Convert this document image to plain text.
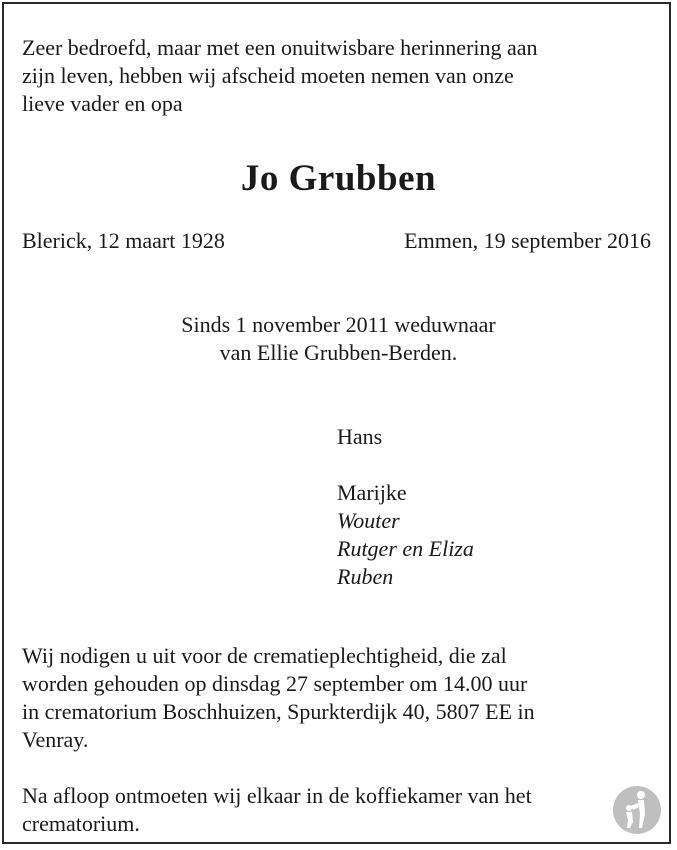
Zeer bedroefd, maar met een onuitwisbare herinnering aan
zijn leven, hebben wij afscheid moeten nemen van onze
lieve vader en opa
Jo Grubben
Blerick, 12 maart 1928	Emmen, 19 september 2016
Sinds 1 november 2011 weduwnaar
van Ellie Grubben-Berden.
Hans
Marijke
Wouter
Rutger en Eliza
Ruben
Wij nodigen u uit voor de crematieplechtigheid, die zal
worden gehouden op dinsdag 27 september om 14.00 uur
in crematorium Boschhuizen, Spurkterdijk 40, 5807 EE in
Venray.
Na afloop ontmoeten wij elkaar in de koffiekamer van het
crematorium.
